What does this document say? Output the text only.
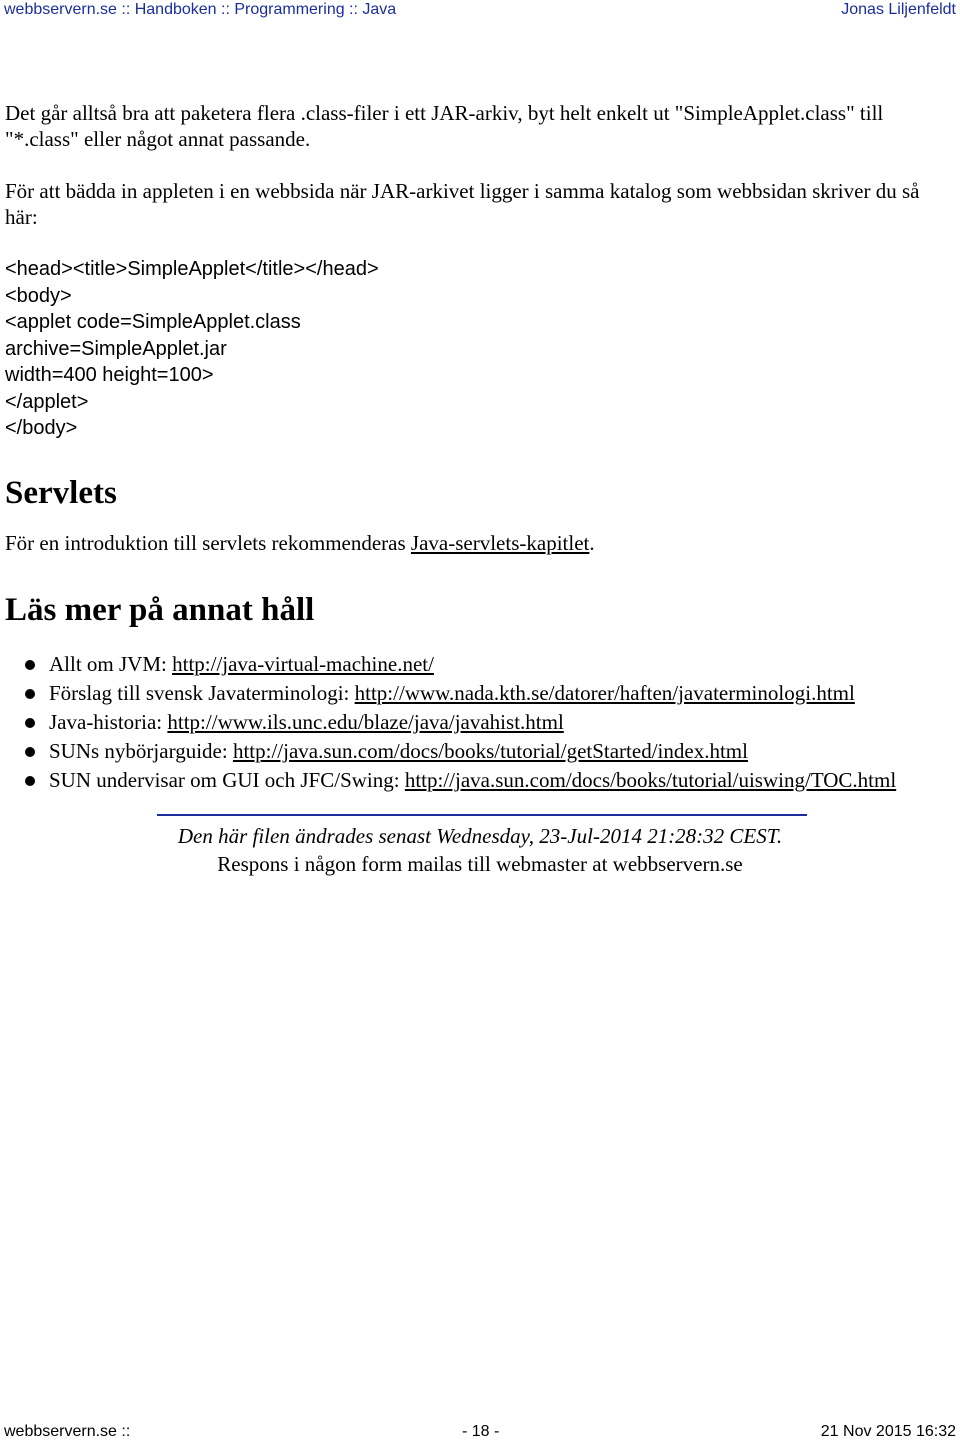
webbservern.se :: Handboken :: Programmering :: Java	Jonas Liljenfeldt

Det går alltså bra att paketera flera .class-filer i ett JAR-arkiv, byt helt enkelt ut "SimpleApplet.class" till "*.class" eller något annat passande.

För att bädda in appleten i en webbsida när JAR-arkivet ligger i samma katalog som webbsidan skriver du så här:

<head><title>SimpleApplet</title></head>
<body>
<applet code=SimpleApplet.class
archive=SimpleApplet.jar
width=400 height=100>
</applet>
</body>
Servlets

För en introduktion till servlets rekommenderas Java-servlets-kapitlet.

Läs mer på annat håll
Allt om JVM: http://java-virtual-machine.net/
Förslag till svensk Javaterminologi: http://www.nada.kth.se/datorer/haften/javaterminologi.html
Java-historia: http://www.ils.unc.edu/blaze/java/javahist.html
SUNs nybörjarguide: http://java.sun.com/docs/books/tutorial/getStarted/index.html
SUN undervisar om GUI och JFC/Swing: http://java.sun.com/docs/books/tutorial/uiswing/TOC.html
Den här filen ändrades senast Wednesday, 23-Jul-2014 21:28:32 CEST.
Respons i någon form mailas till webmaster at webbservern.se
webbservern.se ::	- 18 -	21 Nov 2015 16:32
